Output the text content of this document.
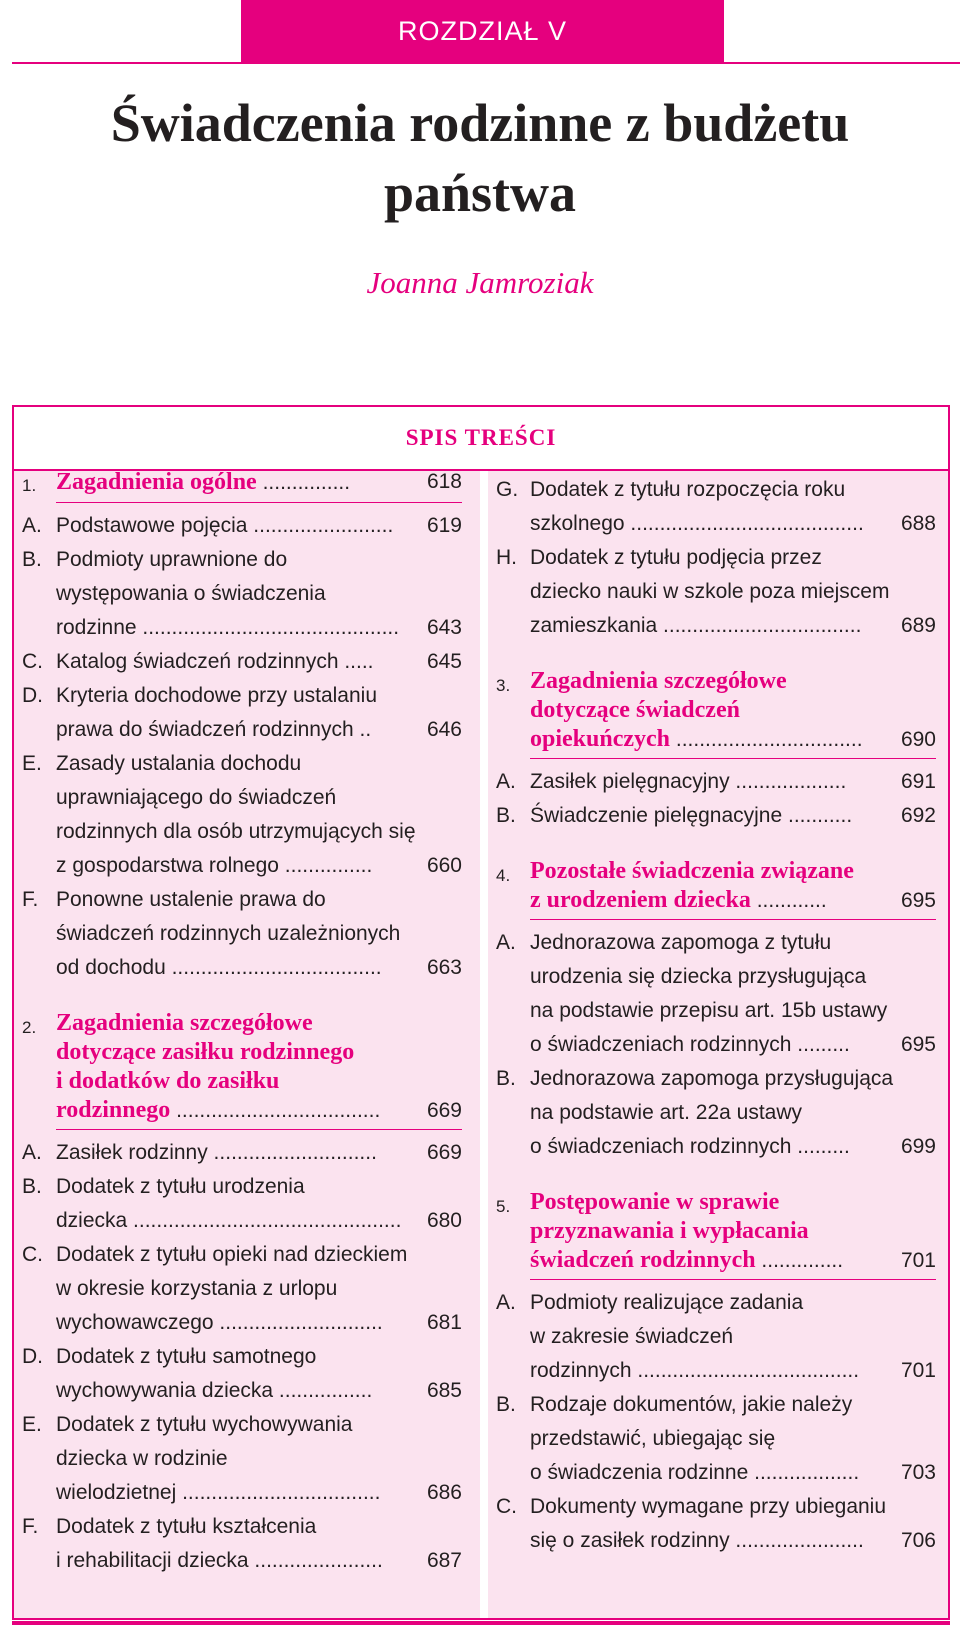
ROZDZIAŁ V
Świadczenia rodzinne z budżetu
państwa
Joanna Jamroziak
SPIS TREŚCI
1. Zagadnienia ogólne ...............	618
A. Podstawowe pojęcia ........................ 619
B. Podmioty uprawnione do
występowania o świadczenia
rodzinne ............................................ 643
C. Katalog świadczeń rodzinnych .....	645
D. Kryteria dochodowe przy ustalaniu
prawa do świadczeń rodzinnych ..	646
E. Zasady ustalania dochodu
uprawniającego do świadczeń
rodzinnych dla osób utrzymujących się
z gospodarstwa rolnego ...............	660
F. Ponowne ustalenie prawa do
świadczeń rodzinnych uzależnionych
od dochodu .................................... 663
2. Zagadnienia szczegółowe
dotyczące zasiłku rodzinnego
i dodatków do zasiłku
rodzinnego ................................... 669
A. Zasiłek rodzinny ............................ 669
B. Dodatek z tytułu urodzenia
dziecka .............................................. 680
C. Dodatek z tytułu opieki nad dzieckiem
w okresie korzystania z urlopu
wychowawczego ............................ 681
D. Dodatek z tytułu samotnego
wychowywania dziecka ................	685
E. Dodatek z tytułu wychowywania
dziecka w rodzinie
wielodzietnej .................................. 686
F. Dodatek z tytułu kształcenia
i rehabilitacji dziecka ...................... 687
G. Dodatek z tytułu rozpoczęcia roku
szkolnego ........................................ 688
H. Dodatek z tytułu podjęcia przez
dziecko nauki w szkole poza miejscem
zamieszkania .................................. 689
3. Zagadnienia szczegółowe
dotyczące świadczeń
opiekuńczych ................................ 690
A. Zasiłek pielęgnacyjny ...................	691
B. Świadczenie pielęgnacyjne ........... 692
4. Pozostałe świadczenia związane
z urodzeniem dziecka ............	695
A. Jednorazowa zapomoga z tytułu
urodzenia się dziecka przysługująca
na podstawie przepisu art. 15b ustawy
o świadczeniach rodzinnych ......... 695
B. Jednorazowa zapomoga przysługująca
na podstawie art. 22a ustawy
o świadczeniach rodzinnych ......... 699
5. Postępowanie w sprawie
przyznawania i wypłacania
świadczeń rodzinnych ..............	701
A. Podmioty realizujące zadania
w zakresie świadczeń
rodzinnych ...................................... 701
B. Rodzaje dokumentów, jakie należy
przedstawić, ubiegając się
o świadczenia rodzinne .................. 703
C. Dokumenty wymagane przy ubieganiu
się o zasiłek rodzinny ...................... 706
